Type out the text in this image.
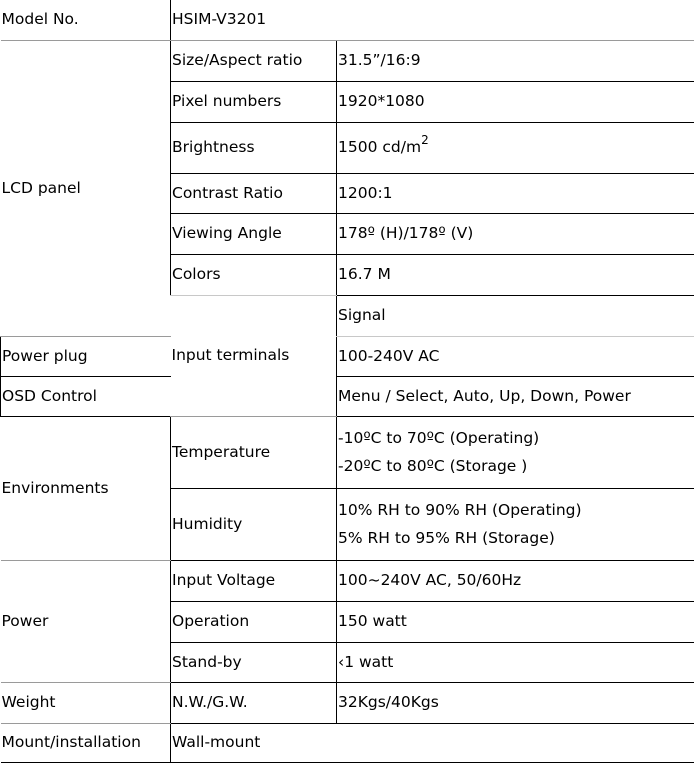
Model No.	HSIM-V3201		
LCD panel	Size/Aspect ratio	31.5”/16:9	
	Pixel numbers	1920*1080	
	Brightness	1500 $cd/m^2$
	Contrast Ratio	1200:1	
	Viewing Angle	178º (H)/178º (V)	
	Colors	16.7 M	
	Input terminals	Signal	
Power plug		100-240V AC	
OSD Control		Menu / Select, Auto, Up, Down, Power	
Environments	Temperature	-10ºC to 70ºC (Operating)
-20ºC to 80ºC (Storage )	

	Humidity	10% RH to 90% RH (Operating)
5% RH to 95% RH (Storage)	

Power	Input Voltage	100~240V AC, 50/60Hz	
	Operation	150 watt	
	Stand-by	‹1 watt	
Weight	N.W./G.W.	32Kgs/40Kgs	
Mount/installation	Wall-mount		
